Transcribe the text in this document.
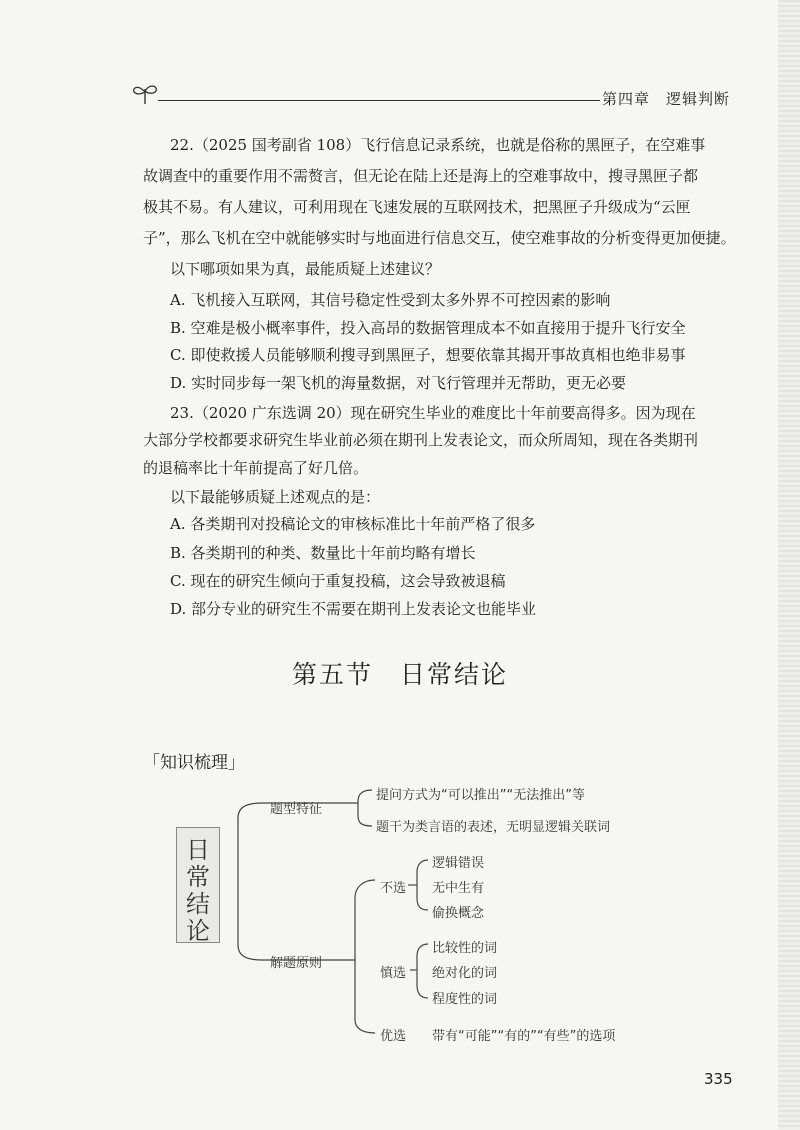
第四章　逻辑判断
22.（2025 国考副省 108）飞行信息记录系统，也就是俗称的黑匣子，在空难事
故调查中的重要作用不需赘言，但无论在陆上还是海上的空难事故中，搜寻黑匣子都
极其不易。有人建议，可利用现在飞速发展的互联网技术，把黑匣子升级成为“云匣
子”，那么飞机在空中就能够实时与地面进行信息交互，使空难事故的分析变得更加便捷。
以下哪项如果为真，最能质疑上述建议？
A. 飞机接入互联网，其信号稳定性受到太多外界不可控因素的影响
B. 空难是极小概率事件，投入高昂的数据管理成本不如直接用于提升飞行安全
C. 即使救援人员能够顺利搜寻到黑匣子，想要依靠其揭开事故真相也绝非易事
D. 实时同步每一架飞机的海量数据，对飞行管理并无帮助，更无必要
23.（2020 广东选调 20）现在研究生毕业的难度比十年前要高得多。因为现在
大部分学校都要求研究生毕业前必须在期刊上发表论文，而众所周知，现在各类期刊
的退稿率比十年前提高了好几倍。
以下最能够质疑上述观点的是：
A. 各类期刊对投稿论文的审核标准比十年前严格了很多
B. 各类期刊的种类、数量比十年前均略有增长
C. 现在的研究生倾向于重复投稿，这会导致被退稿
D. 部分专业的研究生不需要在期刊上发表论文也能毕业
第五节　日常结论
「知识梳理」
日
常
结
论
题型特征
提问方式为“可以推出”“无法推出”等
题干为类言语的表述，无明显逻辑关联词
解题原则
不选
逻辑错误
无中生有
偷换概念
慎选
比较性的词
绝对化的词
程度性的词
优选 带有“可能”“有的”“有些”的选项
335
